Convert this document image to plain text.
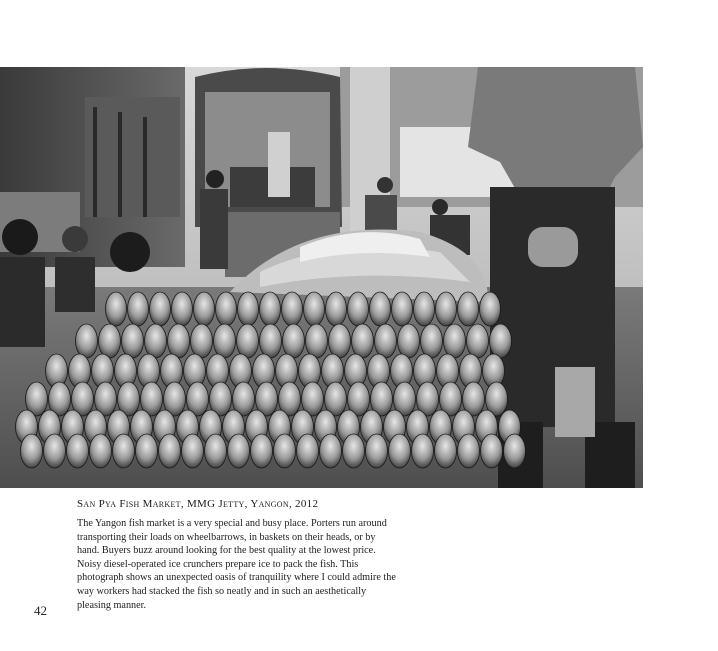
San Pya Fish Market, MMG Jetty, Yangon, 2012
The Yangon fish market is a very special and busy place. Porters run around transporting their loads on wheelbarrows, in baskets on their heads, or by hand. Buyers buzz around looking for the best quality at the lowest price. Noisy diesel-operated ice crunchers prepare ice to pack the fish. This photograph shows an unexpected oasis of tranquility where I could admire the way workers had stacked the fish so neatly and in such an aesthetically pleasing manner.
42
